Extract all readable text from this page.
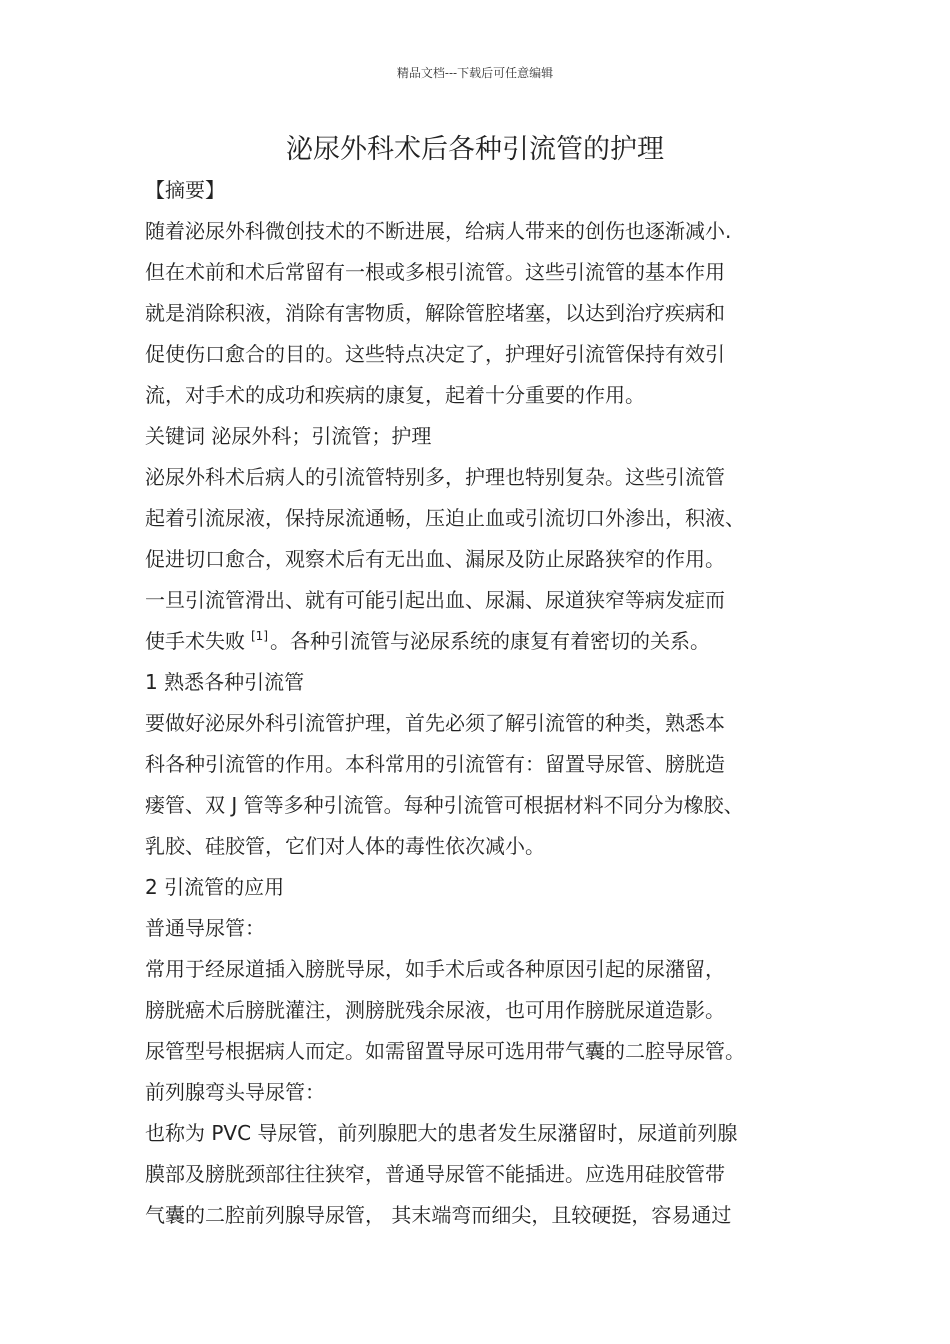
精品文档---下载后可任意编辑
泌尿外科术后各种引流管的护理
【摘要】
随着泌尿外科微创技术的不断进展，给病人带来的创伤也逐渐减小.
但在术前和术后常留有一根或多根引流管。这些引流管的基本作用
就是消除积液，消除有害物质，解除管腔堵塞，以达到治疗疾病和
促使伤口愈合的目的。这些特点决定了，护理好引流管保持有效引
流，对手术的成功和疾病的康复，起着十分重要的作用。
关键词 泌尿外科；引流管；护理
泌尿外科术后病人的引流管特别多，护理也特别复杂。这些引流管
起着引流尿液，保持尿流通畅，压迫止血或引流切口外渗出，积液、
促进切口愈合，观察术后有无出血、漏尿及防止尿路狭窄的作用。
一旦引流管滑出、就有可能引起出血、尿漏、尿道狭窄等病发症而
使手术失败 [1] 。各种引流管与泌尿系统的康复有着密切的关系。
1 熟悉各种引流管
要做好泌尿外科引流管护理，首先必须了解引流管的种类，熟悉本
科各种引流管的作用。本科常用的引流管有：留置导尿管、膀胱造
瘘管、双 J 管等多种引流管。每种引流管可根据材料不同分为橡胶、
乳胶、硅胶管，它们对人体的毒性依次减小。
2 引流管的应用
普通导尿管：
常用于经尿道插入膀胱导尿，如手术后或各种原因引起的尿潴留，
膀胱癌术后膀胱灌注，测膀胱残余尿液，也可用作膀胱尿道造影。
尿管型号根据病人而定。如需留置导尿可选用带气囊的二腔导尿管。
前列腺弯头导尿管：
也称为 PVC 导尿管，前列腺肥大的患者发生尿潴留时，尿道前列腺
膜部及膀胱颈部往往狭窄，普通导尿管不能插进。应选用硅胶管带
气囊的二腔前列腺导尿管， 其末端弯而细尖，且较硬挺，容易通过
